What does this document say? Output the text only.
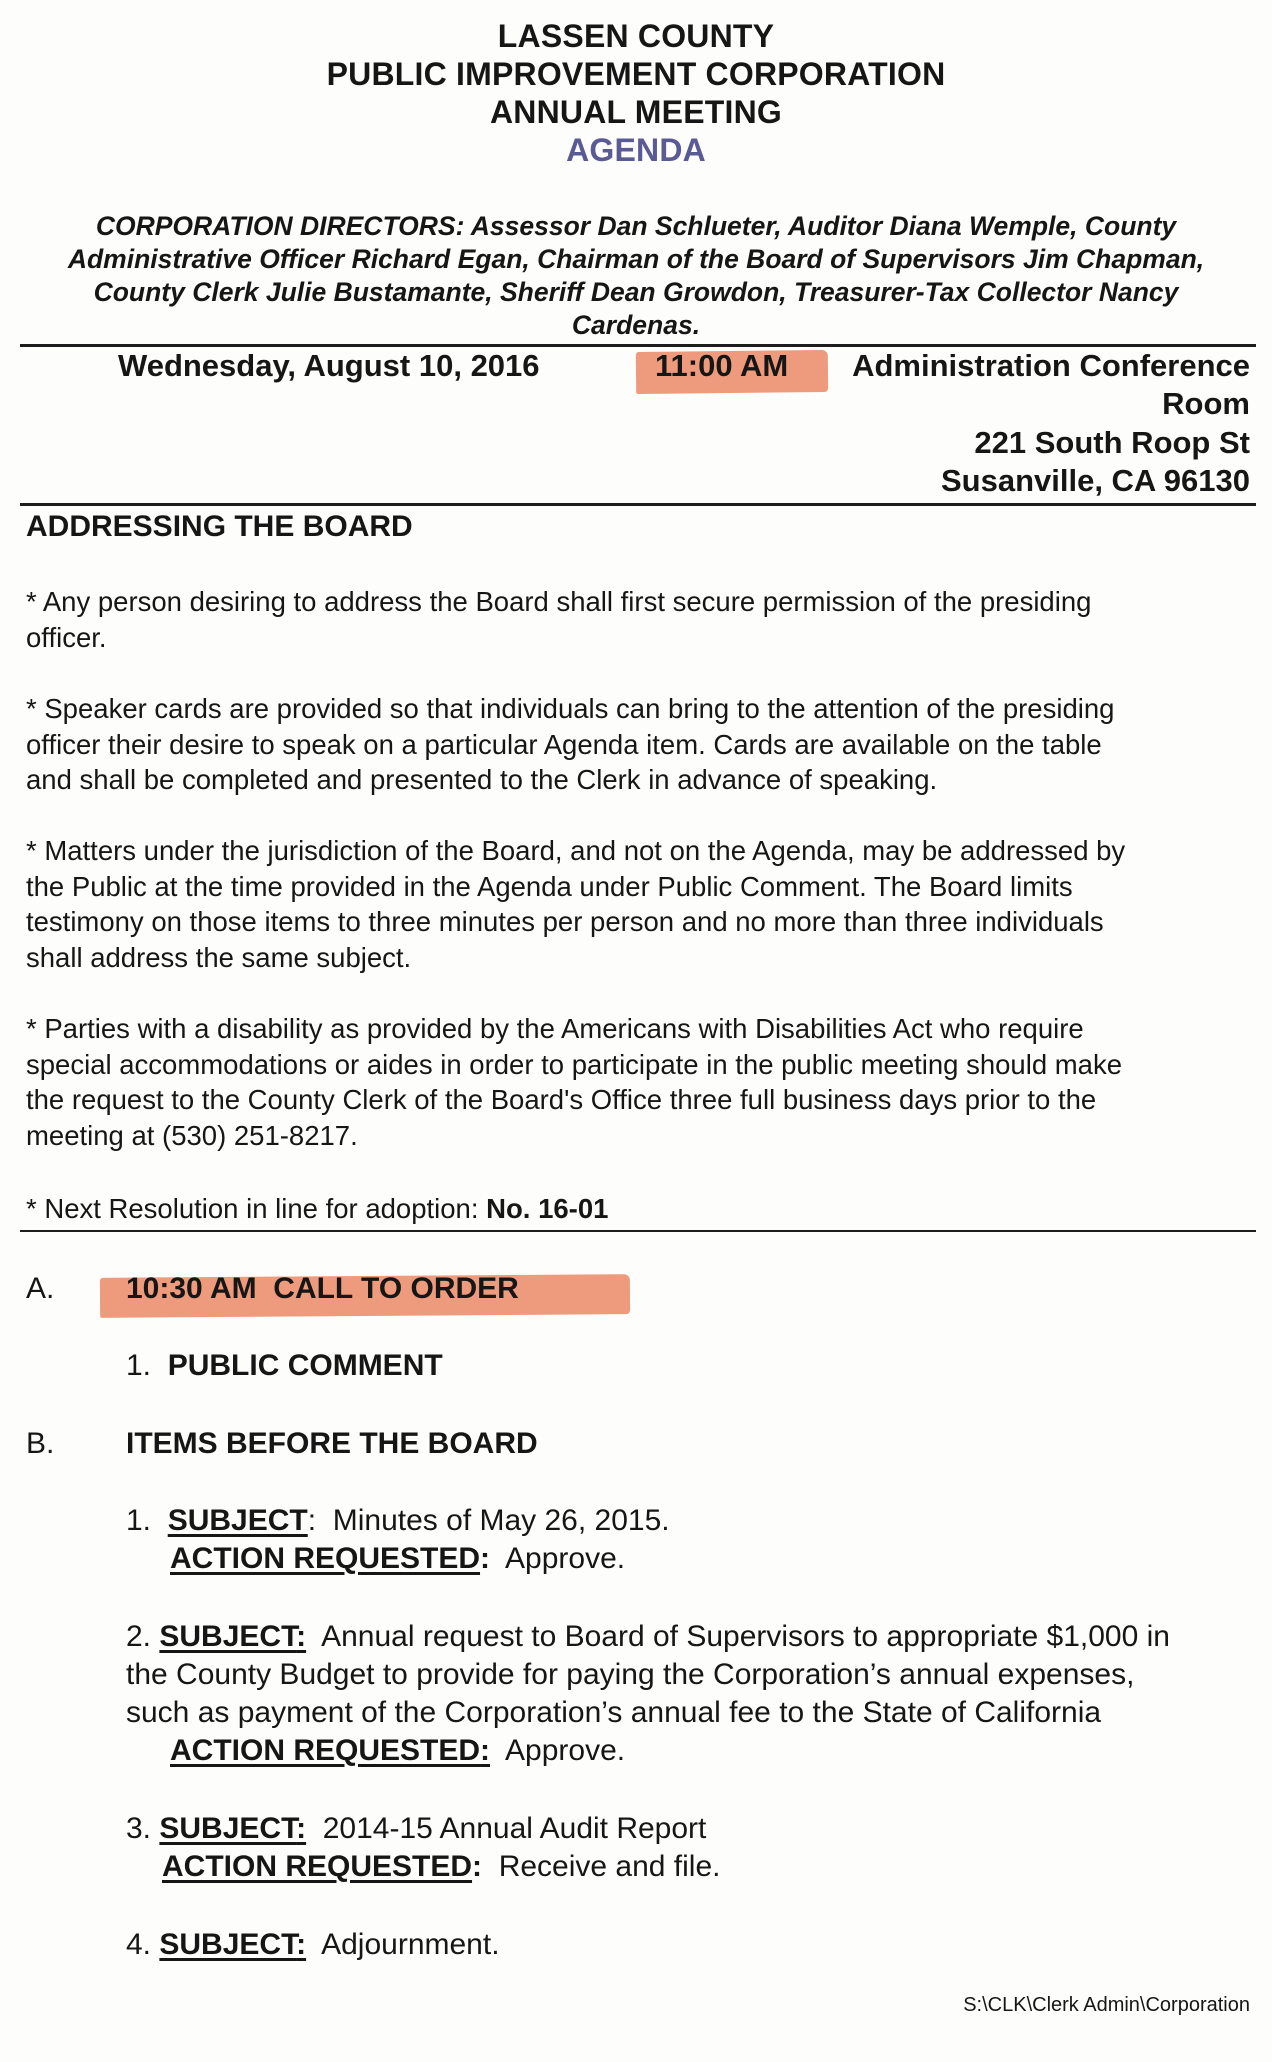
LASSEN COUNTY
PUBLIC IMPROVEMENT CORPORATION
ANNUAL MEETING
AGENDA
CORPORATION DIRECTORS: Assessor Dan Schlueter, Auditor Diana Wemple, County
Administrative Officer Richard Egan, Chairman of the Board of Supervisors Jim Chapman,
County Clerk Julie Bustamante, Sheriff Dean Growdon, Treasurer-Tax Collector Nancy
Cardenas.
Wednesday, August 10, 2016	11:00 AM	Administration Conference
Room
221 South Roop St
Susanville, CA 96130
ADDRESSING THE BOARD
* Any person desiring to address the Board shall first secure permission of the presiding
officer.
* Speaker cards are provided so that individuals can bring to the attention of the presiding
officer their desire to speak on a particular Agenda item. Cards are available on the table
and shall be completed and presented to the Clerk in advance of speaking.
* Matters under the jurisdiction of the Board, and not on the Agenda, may be addressed by
the Public at the time provided in the Agenda under Public Comment. The Board limits
testimony on those items to three minutes per person and no more than three individuals
shall address the same subject.
* Parties with a disability as provided by the Americans with Disabilities Act who require
special accommodations or aides in order to participate in the public meeting should make
the request to the County Clerk of the Board's Office three full business days prior to the
meeting at (530) 251-8217.
* Next Resolution in line for adoption: No. 16-01
A. 10:30 AM  CALL TO ORDER
1. PUBLIC COMMENT
B. ITEMS BEFORE THE BOARD
1. SUBJECT:  Minutes of May 26, 2015.
ACTION REQUESTED: Approve.
2. SUBJECT: Annual request to Board of Supervisors to appropriate $1,000 in
the County Budget to provide for paying the Corporation’s annual expenses,
such as payment of the Corporation’s annual fee to the State of California
ACTION REQUESTED: Approve.
3. SUBJECT: 2014-15 Annual Audit Report
ACTION REQUESTED: Receive and file.
4. SUBJECT: Adjournment.
S:\CLK\Clerk Admin\Corporation
